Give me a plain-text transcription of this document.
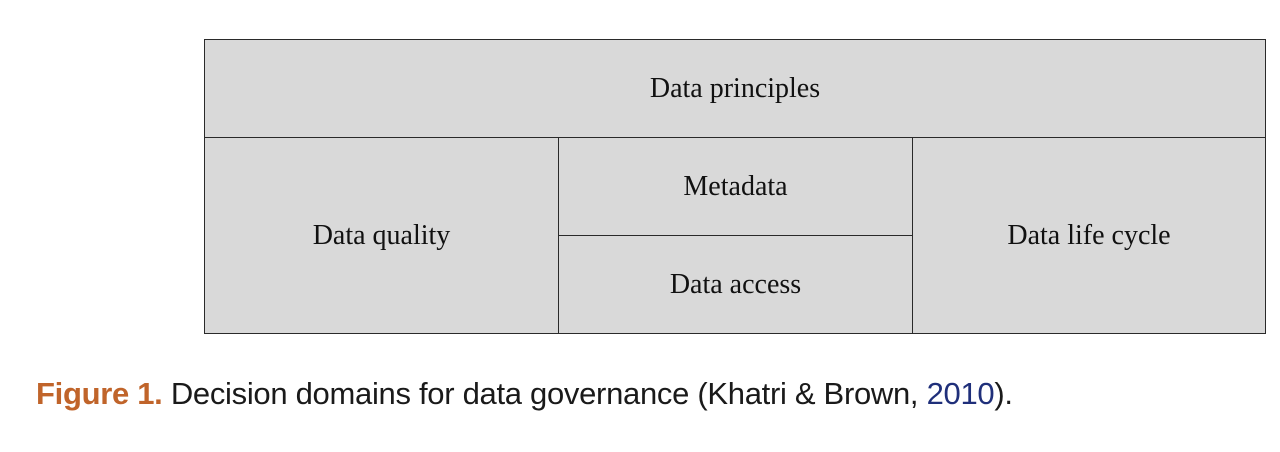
Data principles
Data quality
Metadata
Data access
Data life cycle
Figure 1. Decision domains for data governance (Khatri & Brown, 2010).
